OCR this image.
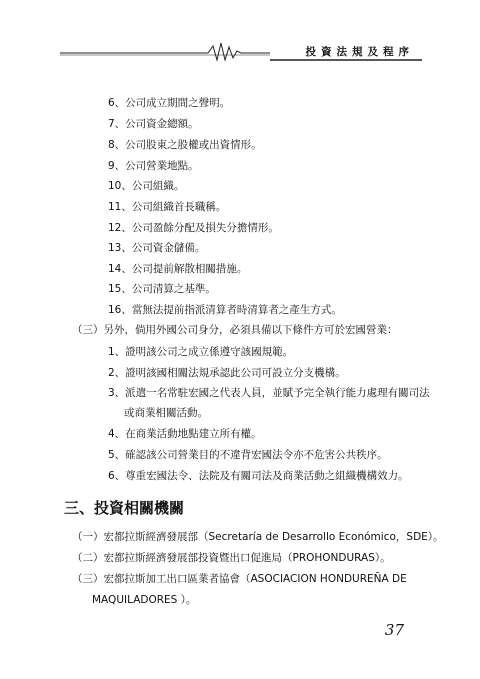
投資法規及程序
6、公司成立期間之聲明。
7、公司資金總額。
8、公司股東之股權或出資情形。
9、公司營業地點。
10、公司組織。
11、公司組織首長職稱。
12、公司盈餘分配及損失分擔情形。
13、公司資金儲備。
14、公司提前解散相關措施。
15、公司清算之基準。
16、當無法提前指派清算者時清算者之產生方式。
（三）另外，倘用外國公司身分，必須具備以下條件方可於宏國營業：
1、證明該公司之成立係遵守該國規範。
2、證明該國相關法規承認此公司可設立分支機構。
3、派遣一名常駐宏國之代表人員，並賦予完全執行能力處理有關司法
或商業相關活動。
4、在商業活動地點建立所有權。
5、確認該公司營業目的不違背宏國法令亦不危害公共秩序。
6、尊重宏國法令、法院及有關司法及商業活動之組織機構效力。
三、投資相關機關
（一）宏都拉斯經濟發展部（Secretaría de Desarrollo Económico，SDE）。
（二）宏都拉斯經濟發展部投資暨出口促進局（PROHONDURAS）。
（三）宏都拉斯加工出口區業者協會（ASOCIACION HONDUREÑA DE
MAQUILADORES ）。
37
